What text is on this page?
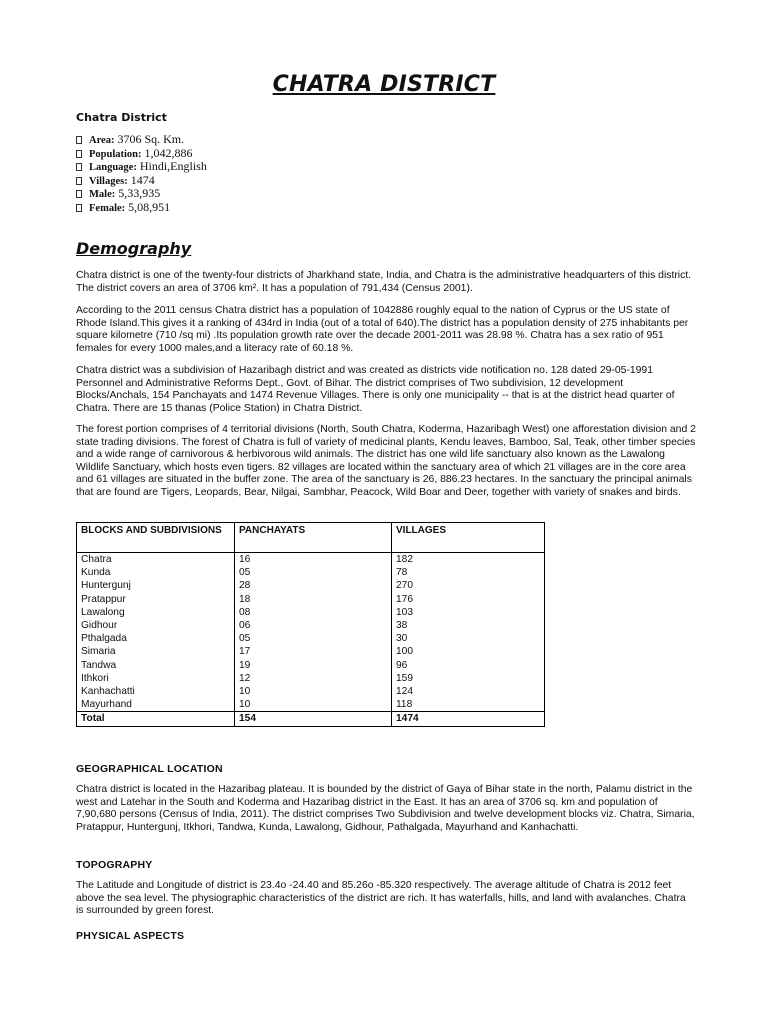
CHATRA DISTRICT

Chatra District

Area: 3706 Sq. Km.
Population: 1,042,886
Language: Hindi,English
Villages: 1474
Male: 5,33,935
Female: 5,08,951
Demography

Chatra district is one of the twenty-four districts of Jharkhand state, India, and Chatra is the administrative headquarters of this district. The district covers an area of 3706 km². It has a population of 791,434 (Census 2001).

According to the 2011 census Chatra district has a population of 1042886 roughly equal to the nation of Cyprus or the US state of Rhode Island.This gives it a ranking of 434rd in India (out of a total of 640).The district has a population density of 275 inhabitants per square kilometre (710 /sq mi) .Its population growth rate over the decade 2001-2011 was 28.98 %. Chatra has a sex ratio of 951 females for every 1000 males,and a literacy rate of 60.18 %.

Chatra district was a subdivision of Hazaribagh district and was created as districts vide notification no. 128 dated 29-05-1991 Personnel and Administrative Reforms Dept., Govt. of Bihar. The district comprises of Two subdivision, 12 development Blocks/Anchals, 154 Panchayats and 1474 Revenue Villages. There is only one municipality -- that is at the district head quarter of Chatra. There are 15 thanas (Police Station) in Chatra District.

The forest portion comprises of 4 territorial divisions (North, South Chatra, Koderma, Hazaribagh West) one afforestation division and 2 state trading divisions. The forest of Chatra is full of variety of medicinal plants, Kendu leaves, Bamboo, Sal, Teak, other timber species and a wide range of carnivorous & herbivorous wild animals. The district has one wild life sanctuary also known as the Lawalong Wildlife Sanctuary, which hosts even tigers. 82 villages are located within the sanctuary area of which 21 villages are in the core area and 61 villages are situated in the buffer zone. The area of the sanctuary is 26, 886.23 hectares. In the sanctuary the principal animals that are found are Tigers, Leopards, Bear, Nilgai, Sambhar, Peacock, Wild Boar and Deer, together with variety of snakes and birds.

BLOCKS AND SUBDIVISIONS	PANCHAYATS	VILLAGES
Chatra	16	182
Kunda	05	78
Huntergunj	28	270
Pratappur	18	176
Lawalong	08	103
Gidhour	06	38
Pthalgada	05	30
Simaria	17	100
Tandwa	19	96
Ithkori	12	159
Kanhachatti	10	124
Mayurhand	10	118
Total	154	1474
GEOGRAPHICAL LOCATION

Chatra district is located in the Hazaribag plateau. It is bounded by the district of Gaya of Bihar state in the north, Palamu district in the west and Latehar in the South and Koderma and Hazaribag district in the East. It has an area of 3706 sq. km and population of 7,90,680 persons (Census of India, 2011). The district comprises Two Subdivision and twelve development blocks viz. Chatra, Simaria, Pratappur, Huntergunj, Itkhori, Tandwa, Kunda, Lawalong, Gidhour, Pathalgada, Mayurhand and Kanhachatti.

TOPOGRAPHY

The Latitude and Longitude of district is 23.4o -24.40 and 85.26o -85.320 respectively. The average altitude of Chatra is 2012 feet above the sea level. The physiographic characteristics of the district are rich. It has waterfalls, hills, and land with avalanches. Chatra is surrounded by green forest.

PHYSICAL ASPECTS
